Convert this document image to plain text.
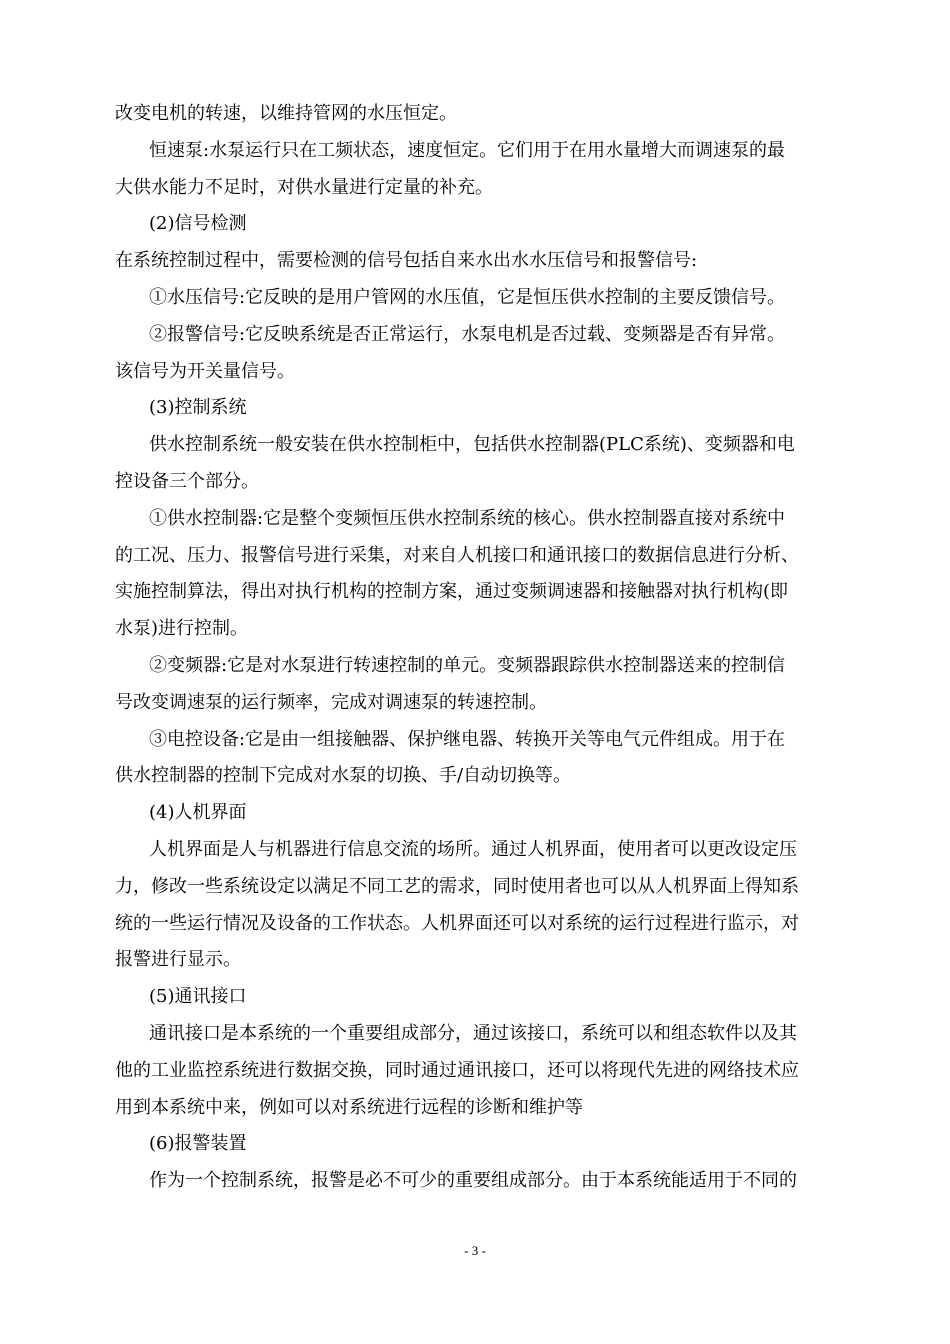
改变电机的转速，以维持管网的水压恒定。
恒速泵:水泵运行只在工频状态，速度恒定。它们用于在用水量增大而调速泵的最
大供水能力不足时，对供水量进行定量的补充。
(2)信号检测
在系统控制过程中，需要检测的信号包括自来水出水水压信号和报警信号:
①水压信号:它反映的是用户管网的水压值，它是恒压供水控制的主要反馈信号。
②报警信号:它反映系统是否正常运行，水泵电机是否过载、变频器是否有异常。
该信号为开关量信号。
(3)控制系统
供水控制系统一般安装在供水控制柜中，包括供水控制器(PLC系统)、变频器和电
控设备三个部分。
①供水控制器:它是整个变频恒压供水控制系统的核心。供水控制器直接对系统中
的工况、压力、报警信号进行采集，对来自人机接口和通讯接口的数据信息进行分析、
实施控制算法，得出对执行机构的控制方案，通过变频调速器和接触器对执行机构(即
水泵)进行控制。
②变频器:它是对水泵进行转速控制的单元。变频器跟踪供水控制器送来的控制信
号改变调速泵的运行频率，完成对调速泵的转速控制。
③电控设备:它是由一组接触器、保护继电器、转换开关等电气元件组成。用于在
供水控制器的控制下完成对水泵的切换、手/自动切换等。
(4)人机界面
人机界面是人与机器进行信息交流的场所。通过人机界面，使用者可以更改设定压
力，修改一些系统设定以满足不同工艺的需求，同时使用者也可以从人机界面上得知系
统的一些运行情况及设备的工作状态。人机界面还可以对系统的运行过程进行监示，对
报警进行显示。
(5)通讯接口
通讯接口是本系统的一个重要组成部分，通过该接口，系统可以和组态软件以及其
他的工业监控系统进行数据交换，同时通过通讯接口，还可以将现代先进的网络技术应
用到本系统中来，例如可以对系统进行远程的诊断和维护等
(6)报警装置
作为一个控制系统，报警是必不可少的重要组成部分。由于本系统能适用于不同的
- 3 -
